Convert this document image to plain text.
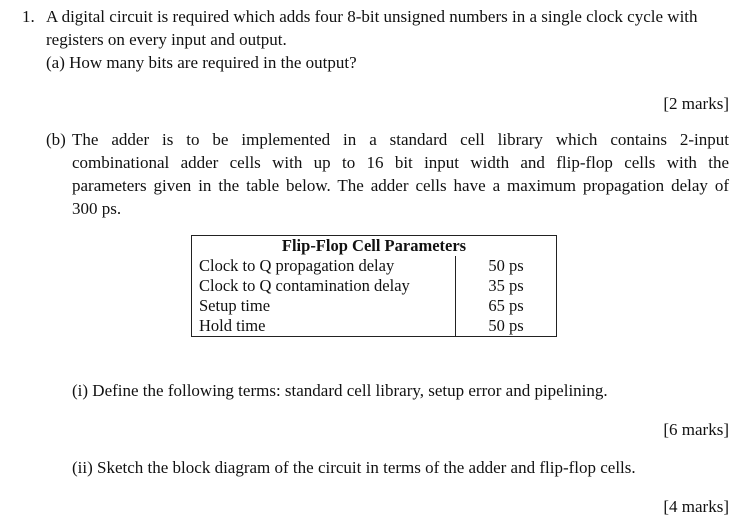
1. A digital circuit is required which adds four 8-bit unsigned numbers in a single clock cycle with
registers on every input and output.
(a) How many bits are required in the output?
[2 marks]
(b) The adder is to be implemented in a standard cell library which contains 2-input
combinational adder cells with up to 16 bit input width and flip-flop cells with the
parameters given in the table below. The adder cells have a maximum propagation delay of
300 ps.
Flip-Flop Cell Parameters	
Clock to Q propagation delay	50 ps
Clock to Q contamination delay	35 ps
Setup time	65 ps
Hold time	50 ps
(i) Define the following terms: standard cell library, setup error and pipelining.
[6 marks]
(ii) Sketch the block diagram of the circuit in terms of the adder and flip-flop cells.
[4 marks]
